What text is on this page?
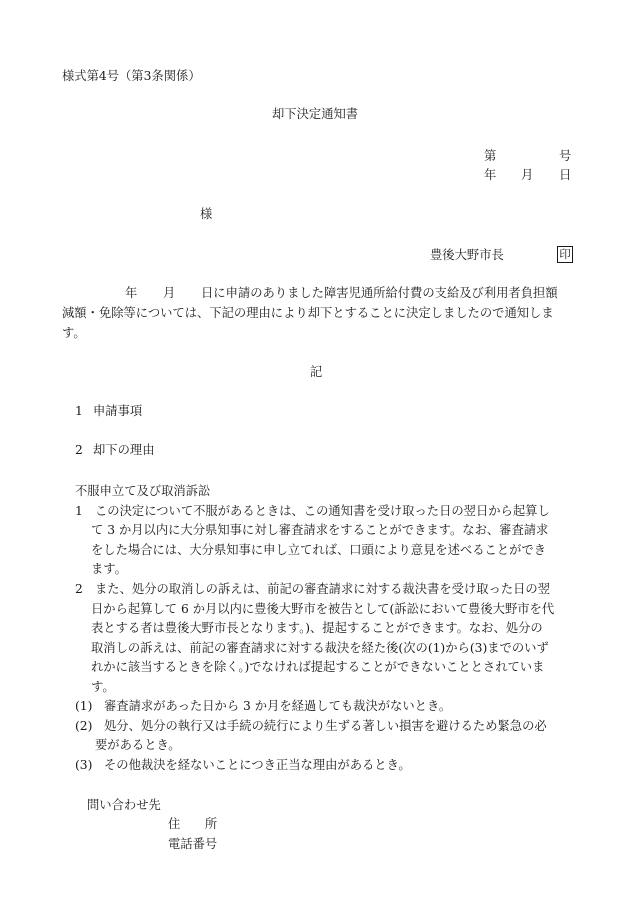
様式第4号（第3条関係）
却下決定通知書
第	号
年 月 日
様
豊後大野市長	印
年 月 日に申請のありました障害児通所給付費の支給及び利用者負担額
減額・免除等については、下記の理由により却下とすることに決定しましたので通知しま
す。
記
1 申請事項
2 却下の理由
不服申立て及び取消訴訟
1 この決定について不服があるときは、この通知書を受け取った日の翌日から起算し
て 3 か月以内に大分県知事に対し審査請求をすることができます。なお、審査請求
をした場合には、大分県知事に申し立てれば、口頭により意見を述べることができ
ます。
2 また、処分の取消しの訴えは、前記の審査請求に対する裁決書を受け取った日の翌
日から起算して 6 か月以内に豊後大野市を被告として(訴訟において豊後大野市を代
表とする者は豊後大野市長となります。)、提起することができます。なお、処分の
取消しの訴えは、前記の審査請求に対する裁決を経た後(次の(1)から(3)までのいず
れかに該当するときを除く。)でなければ提起することができないこととされていま
す。
(1) 審査請求があった日から 3 か月を経過しても裁決がないとき。
(2) 処分、処分の執行又は手続の続行により生ずる著しい損害を避けるため緊急の必
要があるとき。
(3) その他裁決を経ないことにつき正当な理由があるとき。
問い合わせ先
住　　所
電話番号
